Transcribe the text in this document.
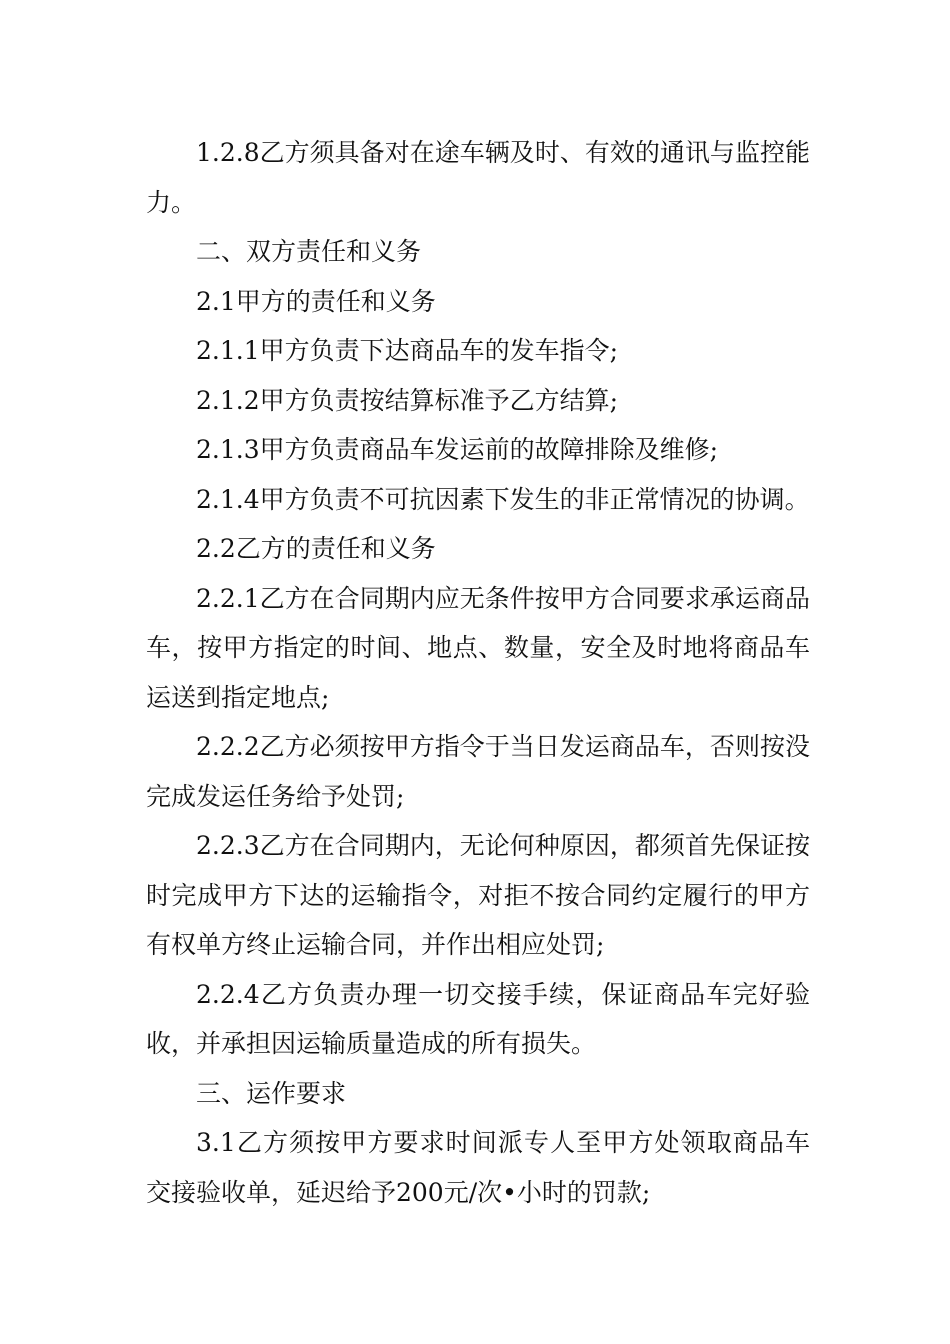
1.2.8乙方须具备对在途车辆及时、有效的通讯与监控能力。

二、双方责任和义务

2.1甲方的责任和义务

2.1.1甲方负责下达商品车的发车指令;

2.1.2甲方负责按结算标准予乙方结算;

2.1.3甲方负责商品车发运前的故障排除及维修;

2.1.4甲方负责不可抗因素下发生的非正常情况的协调。

2.2乙方的责任和义务

2.2.1乙方在合同期内应无条件按甲方合同要求承运商品车，按甲方指定的时间、地点、数量，安全及时地将商品车运送到指定地点;

2.2.2乙方必须按甲方指令于当日发运商品车，否则按没完成发运任务给予处罚;

2.2.3乙方在合同期内，无论何种原因，都须首先保证按时完成甲方下达的运输指令，对拒不按合同约定履行的甲方有权单方终止运输合同，并作出相应处罚;

2.2.4乙方负责办理一切交接手续，保证商品车完好验收，并承担因运输质量造成的所有损失。

三、运作要求

3.1乙方须按甲方要求时间派专人至甲方处领取商品车交接验收单，延迟给予200元/次•小时的罚款;
